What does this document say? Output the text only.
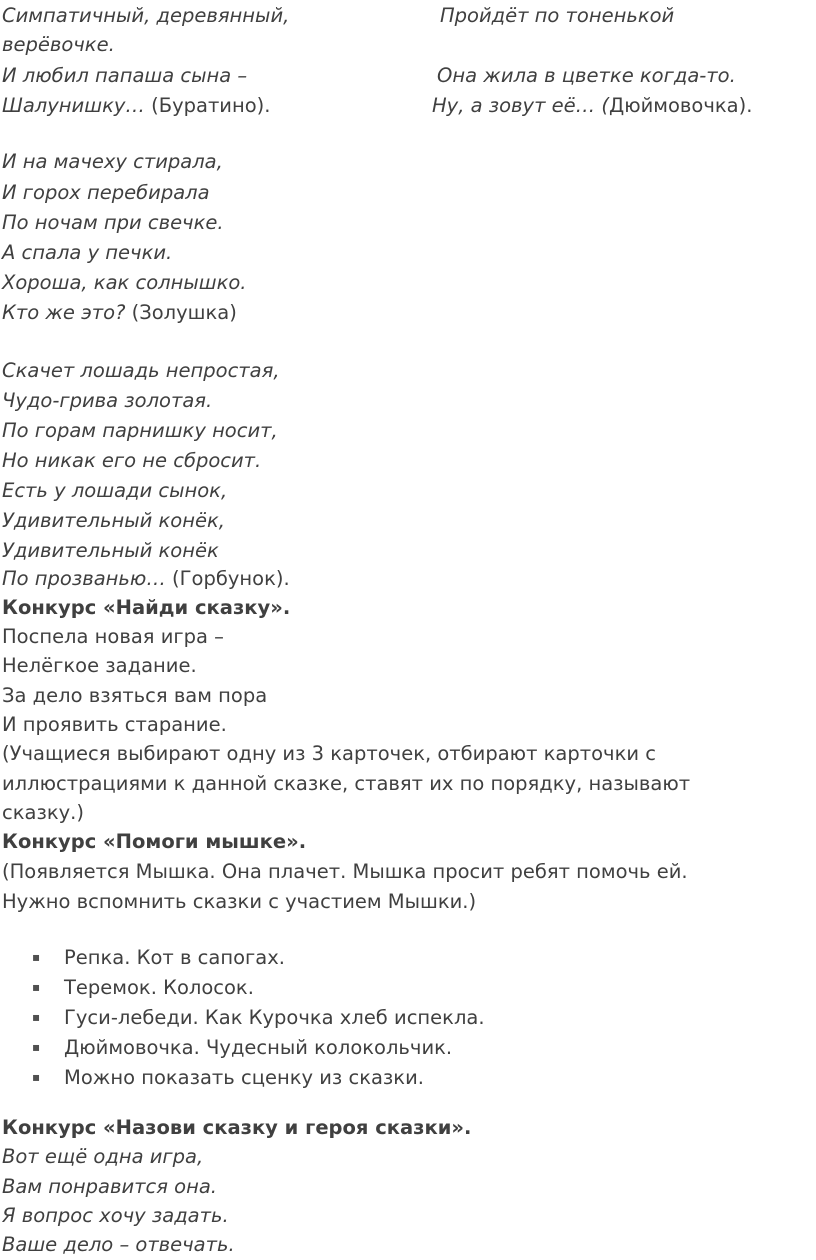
Симпатичный, деревянный,	Пройдёт по тоненькой
верёвочке.
И любил папаша сына –	Она жила в цветке когда-то.
Шалунишку… (Буратино).	Ну, а зовут её… (Дюймовочка).
И на мачеху стирала,
И горох перебирала
По ночам при свечке.
А спала у печки.
Хороша, как солнышко.
Кто же это? (Золушка)
Скачет лошадь непростая,
Чудо-грива золотая.
По горам парнишку носит,
Но никак его не сбросит.
Есть у лошади сынок,
Удивительный конёк,
Удивительный конёк
По прозванью… (Горбунок).
Конкурс «Найди сказку».
Поспела новая игра –
Нелёгкое задание.
За дело взяться вам пора
И проявить старание.
(Учащиеся выбирают одну из 3 карточек, отбирают карточки с
иллюстрациями к данной сказке, ставят их по порядку, называют
сказку.)
Конкурс «Помоги мышке».
(Появляется Мышка. Она плачет. Мышка просит ребят помочь ей.
Нужно вспомнить сказки с участием Мышки.)
▪ Репка. Кот в сапогах.
▪ Теремок. Колосок.
▪ Гуси-лебеди. Как Курочка хлеб испекла.
▪ Дюймовочка. Чудесный колокольчик.
▪ Можно показать сценку из сказки.
Конкурс «Назови сказку и героя сказки».
Вот ещё одна игра,
Вам понравится она.
Я вопрос хочу задать.
Ваше дело – отвечать.
